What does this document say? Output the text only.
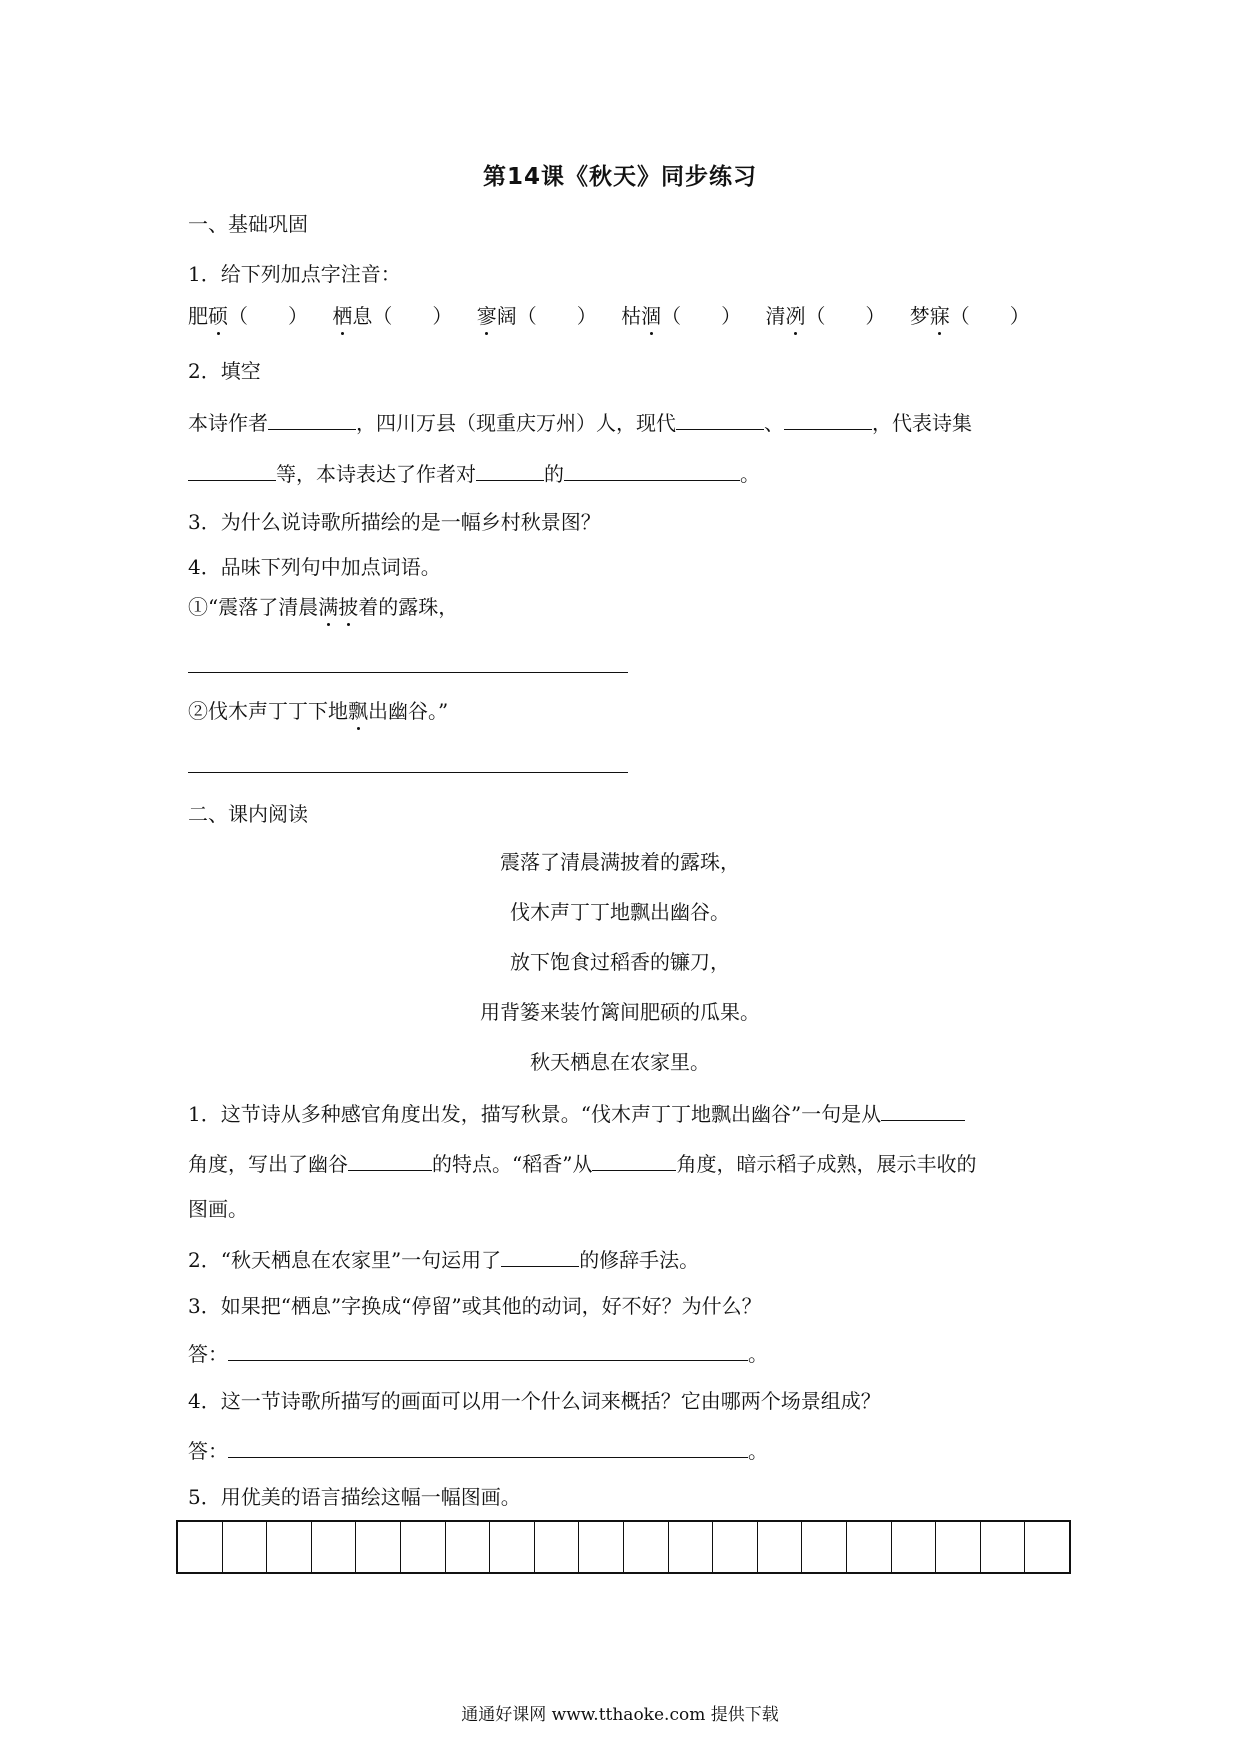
第14课《秋天》同步练习
一、基础巩固
1．给下列加点字注音：
肥硕（　　） 栖息（　　） 寥阔（　　） 枯涸（　　） 清冽（　　） 梦寐（　　）
2．填空
本诗作者	，四川万县（现重庆万州）人，现代	、	，代表诗集
等，本诗表达了作者对	的	。
3．为什么说诗歌所描绘的是一幅乡村秋景图？
4．品味下列句中加点词语。
①“震落了清晨满披着的露珠，
②伐木声丁丁下地飘出幽谷。”
二、课内阅读
震落了清晨满披着的露珠，
伐木声丁丁地飘出幽谷。
放下饱食过稻香的镰刀，
用背篓来装竹篱间肥硕的瓜果。
秋天栖息在农家里。
1．这节诗从多种感官角度出发，描写秋景。“伐木声丁丁地飘出幽谷”一句是从
角度，写出了幽谷	的特点。“稻香”从	角度，暗示稻子成熟，展示丰收的
图画。
2．“秋天栖息在农家里”一句运用了	的修辞手法。
3．如果把“栖息”字换成“停留”或其他的动词，好不好？为什么？
答：	。
4．这一节诗歌所描写的画面可以用一个什么词来概括？它由哪两个场景组成？
答：	。
5．用优美的语言描绘这幅一幅图画。
通通好课网 www.tthaoke.com 提供下载
